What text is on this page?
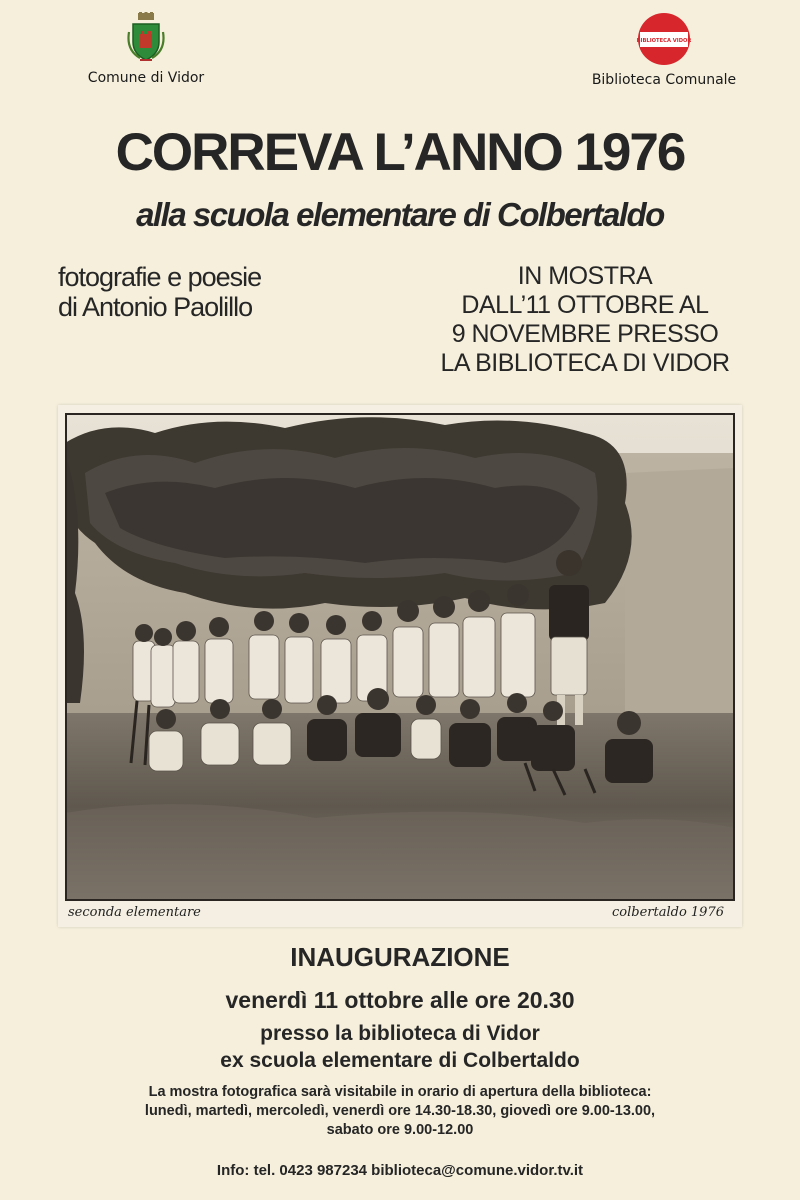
Comune di Vidor
BIBLIOTECA VIDOR
Biblioteca Comunale
CORREVA L’ANNO 1976
alla scuola elementare di Colbertaldo
fotografie e poesie
di Antonio Paolillo
IN MOSTRA
DALL’11 OTTOBRE AL
9 NOVEMBRE PRESSO
LA BIBLIOTECA DI VIDOR
seconda elementare	colbertaldo 1976
INAUGURAZIONE
venerdì 11 ottobre alle ore 20.30
presso la biblioteca di Vidor
ex scuola elementare di Colbertaldo
La mostra fotografica sarà visitabile in orario di apertura della biblioteca:
lunedì, martedì, mercoledì, venerdì ore 14.30-18.30, giovedì ore 9.00-13.00,
sabato ore 9.00-12.00
Info: tel. 0423 987234 biblioteca@comune.vidor.tv.it
